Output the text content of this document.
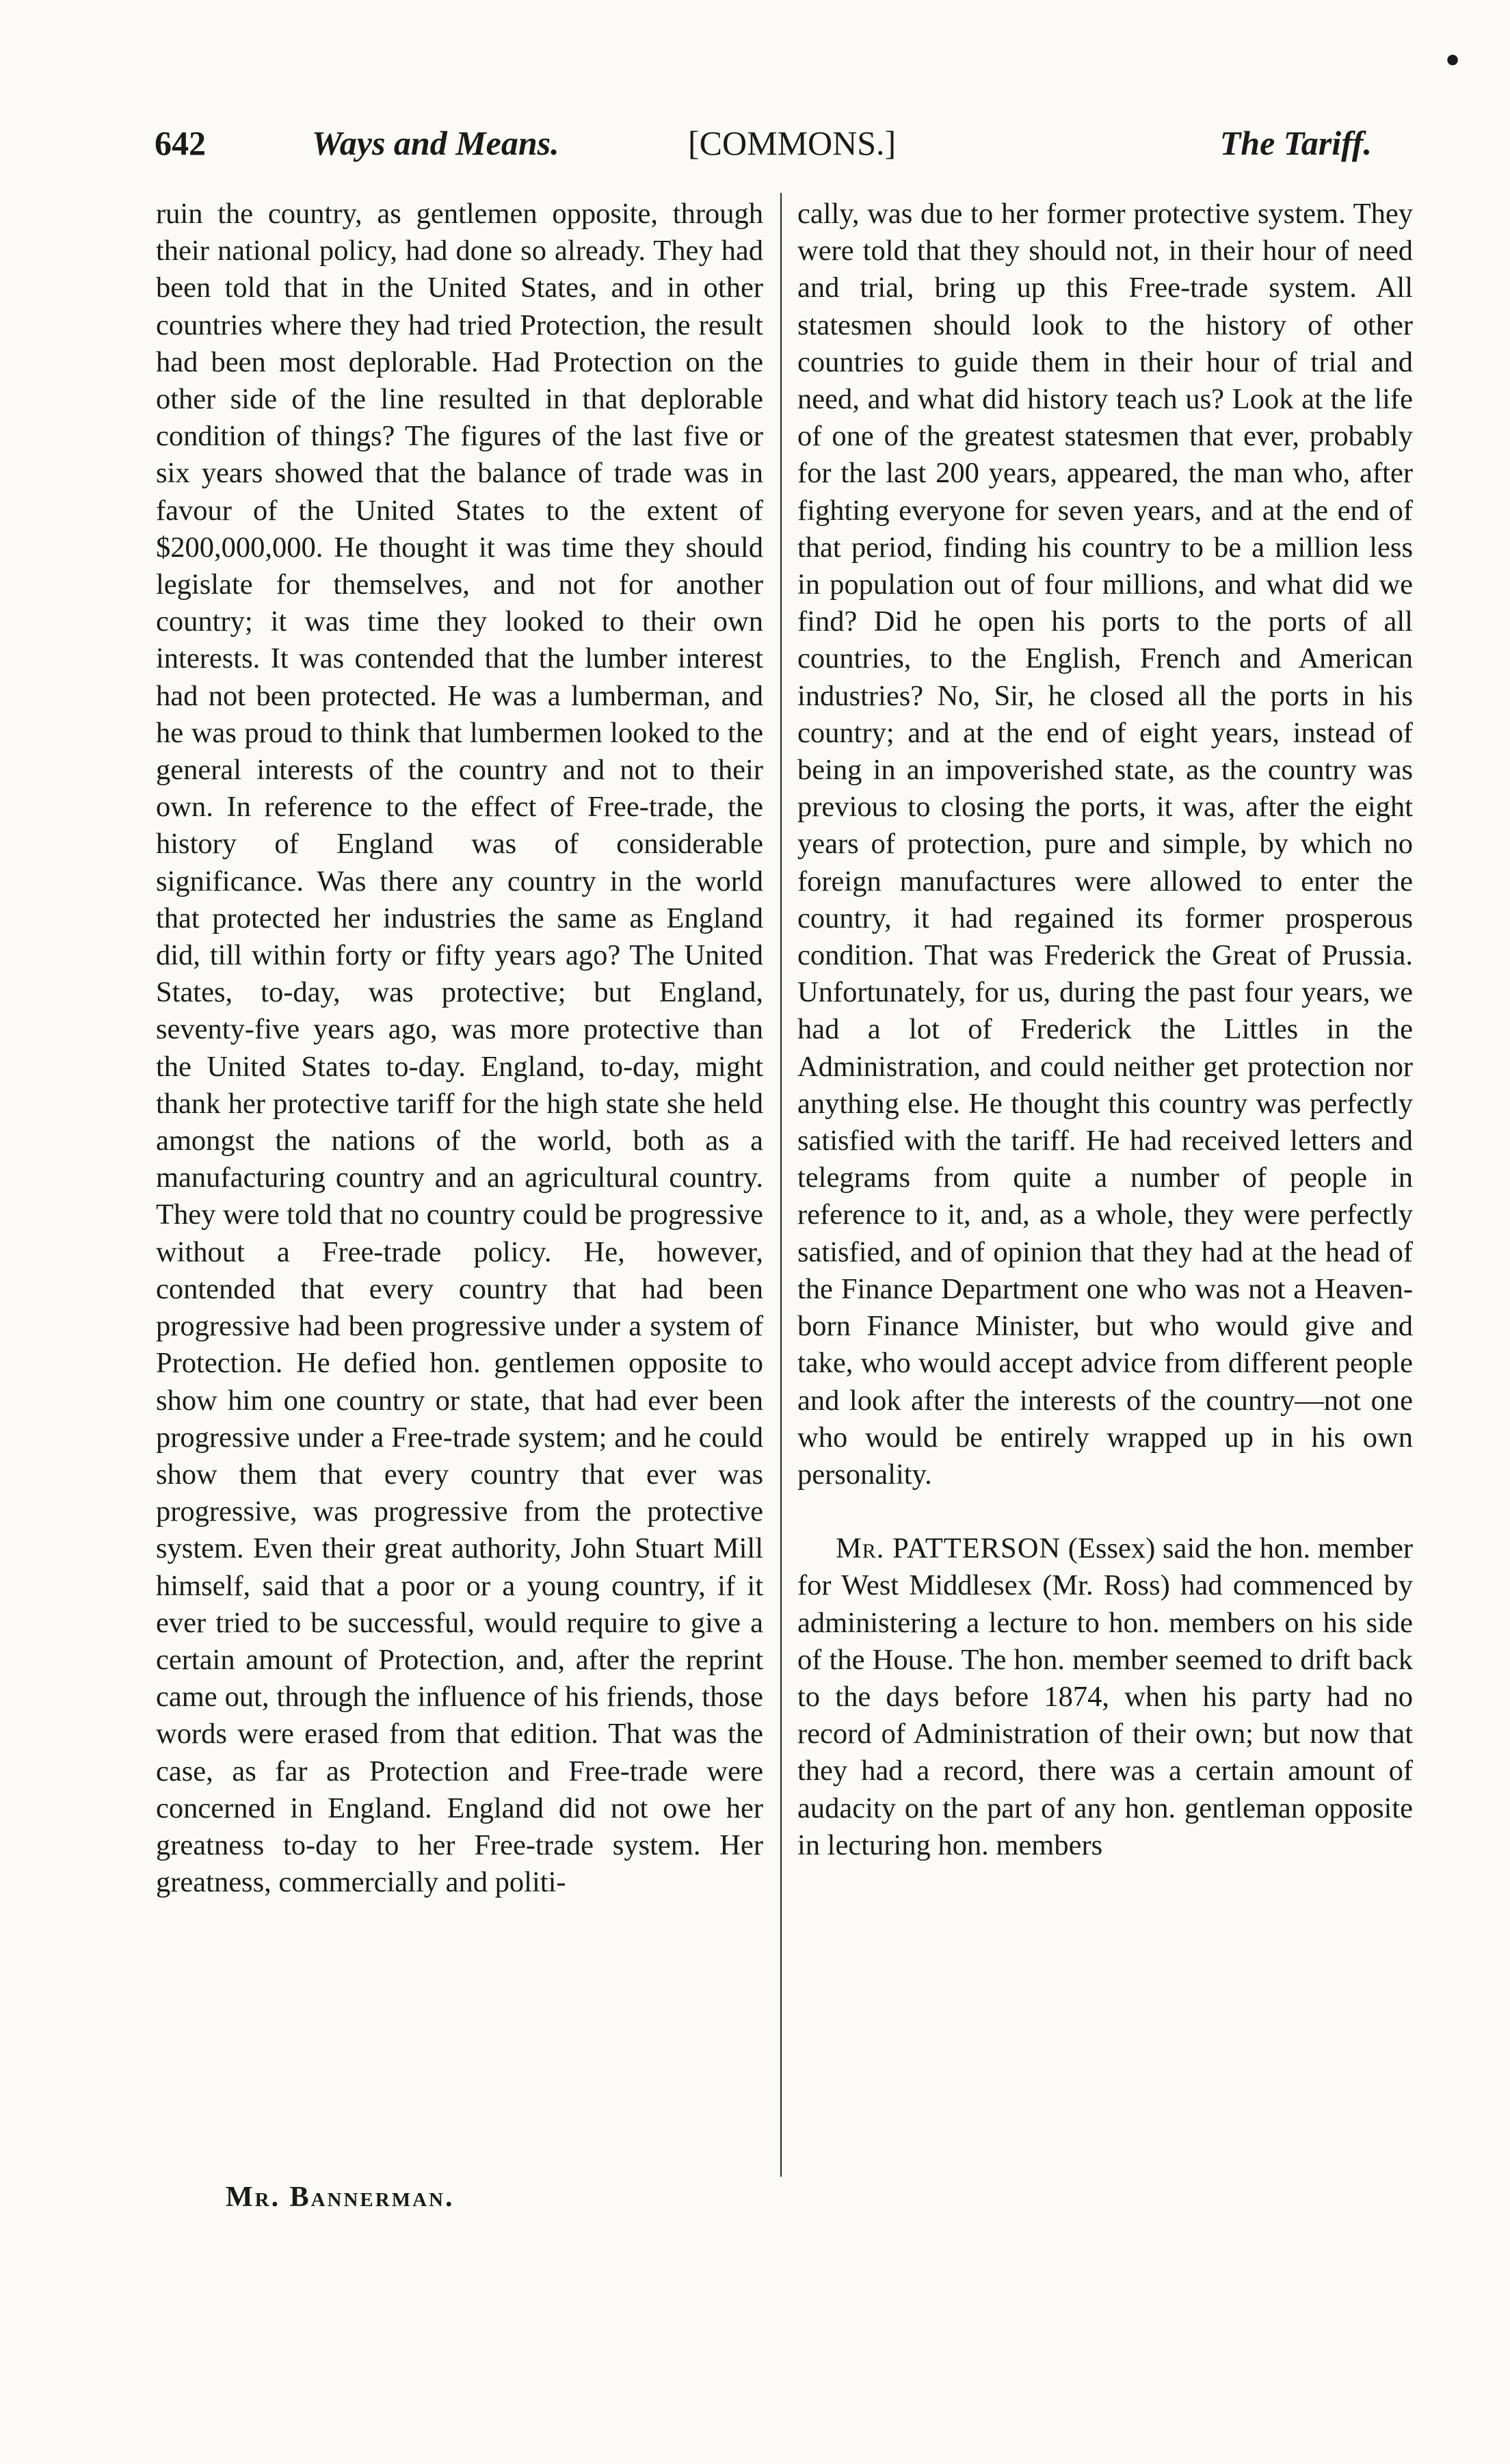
•
642	Ways and Means.	[COMMONS.]	The Tariff.

ruin the country, as gentlemen opposite, through their national policy, had done so already. They had been told that in the United States, and in other countries where they had tried Protection, the result had been most deplorable. Had Protection on the other side of the line resulted in that deplorable condition of things? The figures of the last five or six years showed that the balance of trade was in favour of the United States to the extent of $200,000,000. He thought it was time they should legislate for themselves, and not for another country; it was time they looked to their own interests. It was contended that the lumber interest had not been protected. He was a lumberman, and he was proud to think that lumbermen looked to the general interests of the country and not to their own. In reference to the effect of Free-trade, the history of England was of considerable significance. Was there any country in the world that protected her industries the same as England did, till within forty or fifty years ago? The United States, to-day, was protective; but England, seventy-five years ago, was more protective than the United States to-day. England, to-day, might thank her protective tariff for the high state she held amongst the nations of the world, both as a manufacturing country and an agricultural country. They were told that no country could be progressive without a Free-trade policy. He, however, contended that every country that had been progressive had been progressive under a system of Protection. He defied hon. gentlemen opposite to show him one country or state, that had ever been progressive under a Free-trade system; and he could show them that every country that ever was progressive, was progressive from the protective system. Even their great authority, John Stuart Mill himself, said that a poor or a young country, if it ever tried to be successful, would require to give a certain amount of Protection, and, after the reprint came out, through the influence of his friends, those words were erased from that edition. That was the case, as far as Protection and Free-trade were concerned in England. England did not owe her greatness to-day to her Free-trade system. Her greatness, commercially and politi-

cally, was due to her former protective system. They were told that they should not, in their hour of need and trial, bring up this Free-trade system. All statesmen should look to the history of other countries to guide them in their hour of trial and need, and what did history teach us? Look at the life of one of the greatest statesmen that ever, probably for the last 200 years, appeared, the man who, after fighting everyone for seven years, and at the end of that period, finding his country to be a million less in population out of four millions, and what did we find? Did he open his ports to the ports of all countries, to the English, French and American industries? No, Sir, he closed all the ports in his country; and at the end of eight years, instead of being in an impoverished state, as the country was previous to closing the ports, it was, after the eight years of protection, pure and simple, by which no foreign manufactures were allowed to enter the country, it had regained its former prosperous condition. That was Frederick the Great of Prussia. Unfortunately, for us, during the past four years, we had a lot of Frederick the Littles in the Administration, and could neither get protection nor anything else. He thought this country was perfectly satisfied with the tariff. He had received letters and telegrams from quite a number of people in reference to it, and, as a whole, they were perfectly satisfied, and of opinion that they had at the head of the Finance Department one who was not a Heaven-born Finance Minister, but who would give and take, who would accept advice from different people and look after the interests of the country—not one who would be entirely wrapped up in his own personality.

Mr. PATTERSON (Essex) said the hon. member for West Middlesex (Mr. Ross) had commenced by administering a lecture to hon. members on his side of the House. The hon. member seemed to drift back to the days before 1874, when his party had no record of Administration of their own; but now that they had a record, there was a certain amount of audacity on the part of any hon. gentleman opposite in lecturing hon. members

Mr. Bannerman.
